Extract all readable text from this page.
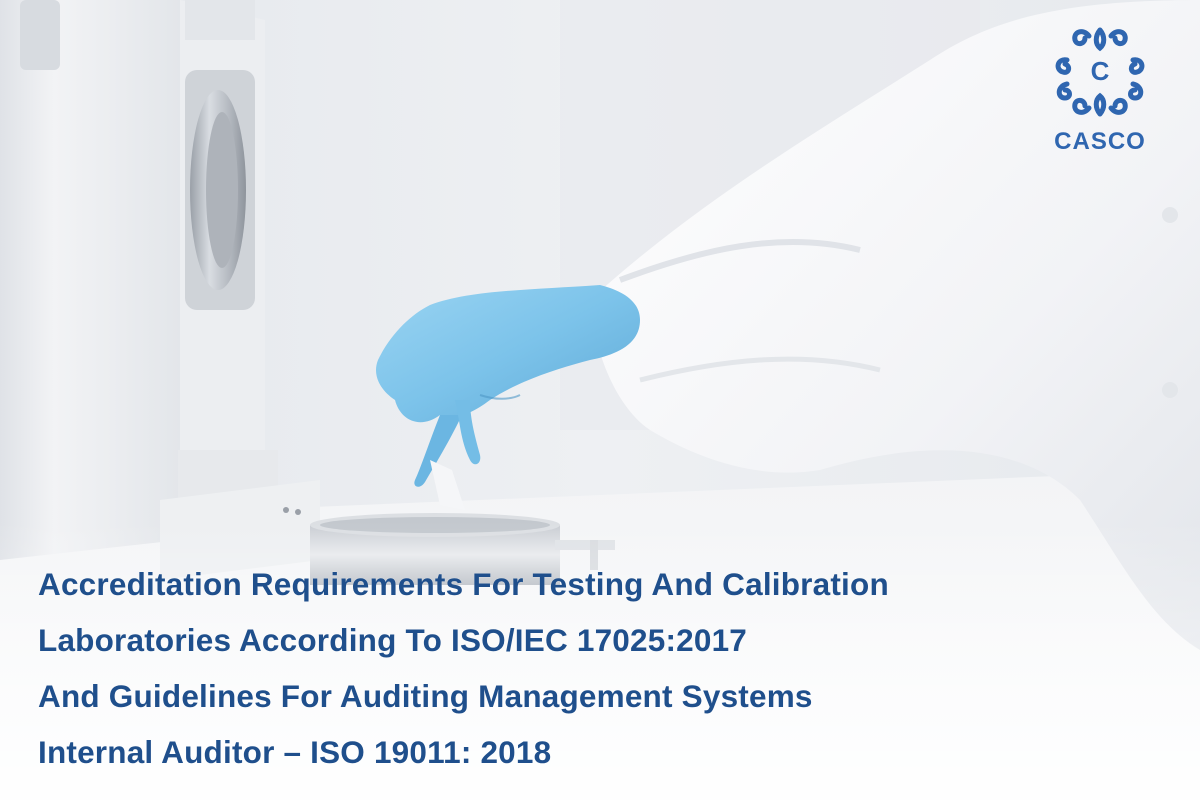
C
CASCO
Accreditation Requirements For Testing And Calibration
Laboratories According To ISO/IEC 17025:2017
And Guidelines For Auditing Management Systems
Internal Auditor – ISO 19011: 2018
